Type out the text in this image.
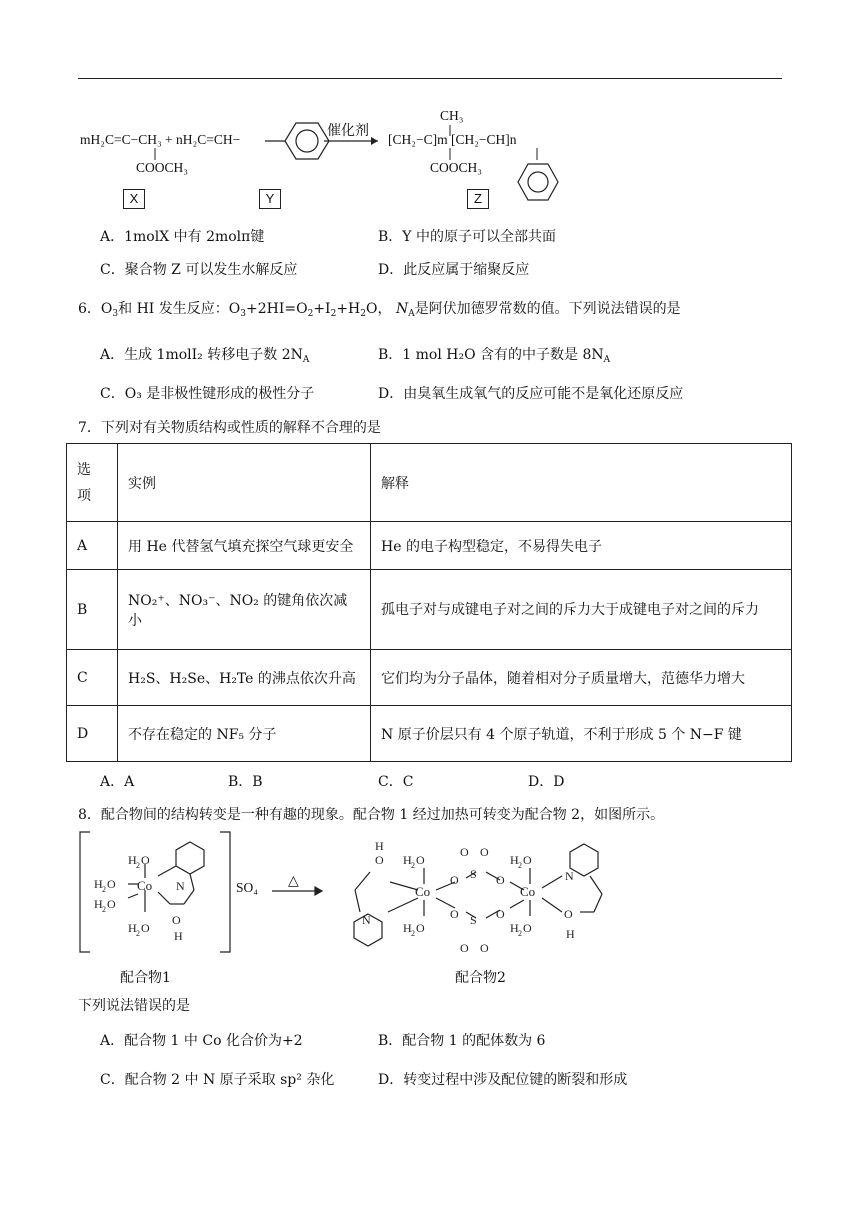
mH₂C=C−CH₃ + nH₂C=CH−
COOCH₃
催化剂
CH₃
[CH₂−C]m [CH₂−CH]n
COOCH₃
X	Y	Z
A．1molX 中有 2molπ键	B．Y 中的原子可以全部共面
C．聚合物 Z 可以发生水解反应	D．此反应属于缩聚反应
6．$O_3$和 HI 发生反应：$O_3+2HI=O_2+I_2+H_2O$， $N_A$是阿伏加德罗常数的值。下列说法错误的是
A．生成 1molI₂ 转移电子数 $2N_A$	B．1 mol H₂O 含有的中子数是 $8N_A$
C．O₃ 是非极性键形成的极性分子	D．由臭氧生成氧气的反应可能不是氧化还原反应
7．下列对有关物质结构或性质的解释不合理的是
选项	实例	解释
A	用 He 代替氢气填充探空气球更安全	He 的电子构型稳定，不易得失电子
B	NO₂⁺、NO₃⁻、NO₂ 的键角依次减小	孤电子对与成键电子对之间的斥力大于成键电子对之间的斥力
C	H₂S、H₂Se、H₂Te 的沸点依次升高	它们均为分子晶体，随着相对分子质量增大，范德华力增大
D	不存在稳定的 NF₅ 分子	N 原子价层只有 4 个原子轨道，不利于形成 5 个 N−F 键
A．A	B．B	C．C	D．D
8．配合物间的结构转变是一种有趣的现象。配合物 1 经过加热可转变为配合物 2，如图所示。
H 2 O
H 2 O
H 2 O
H 2 O
Co N
O
H
H
O
N
H 2 O
H 2 O
Co
O
O
S
S
O O
O O
O
O
H 2 O
H 2 O
Co
N
O
H
SO₄ △
配合物1	配合物2
下列说法错误的是
A．配合物 1 中 Co 化合价为+2	B．配合物 1 的配体数为 6
C．配合物 2 中 N 原子采取 sp² 杂化	D．转变过程中涉及配位键的断裂和形成
